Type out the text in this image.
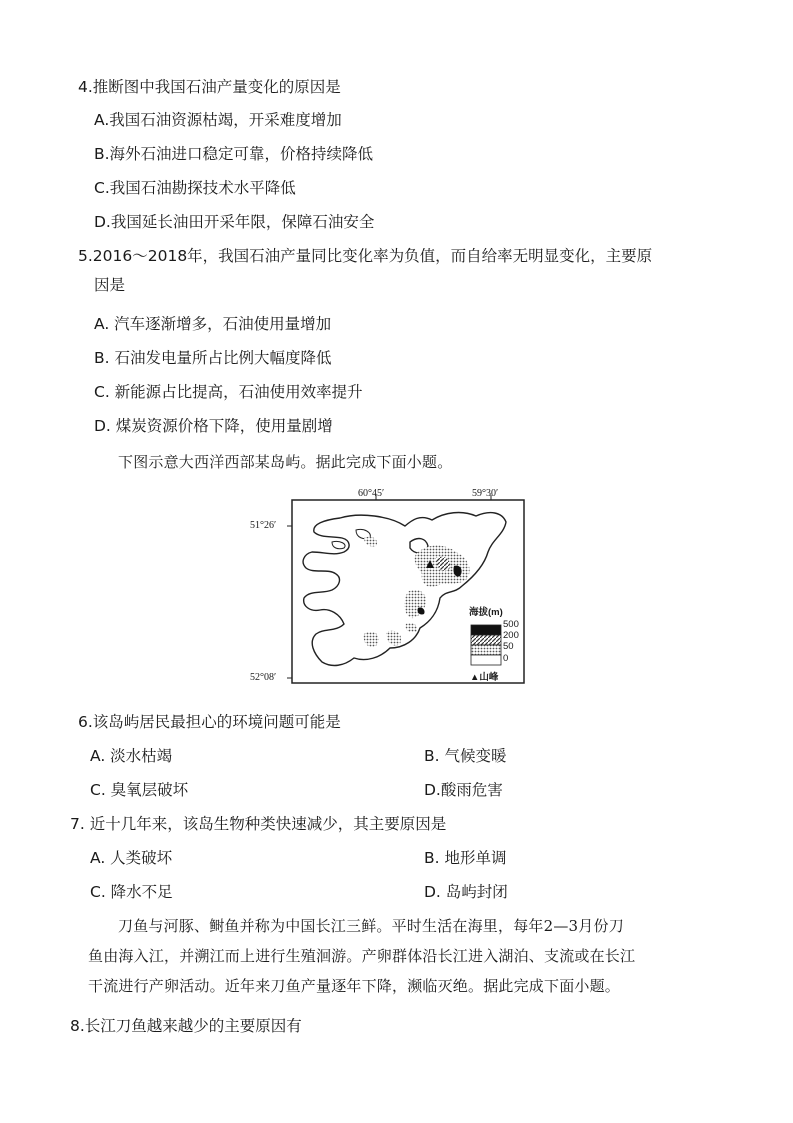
4.推断图中我国石油产量变化的原因是
A.我国石油资源枯竭，开采难度增加
B.海外石油进口稳定可靠，价格持续降低
C.我国石油勘探技术水平降低
D.我国延长油田开采年限，保障石油安全
5.2016～2018年，我国石油产量同比变化率为负值，而自给率无明显变化，主要原
因是
A. 汽车逐渐增多，石油使用量增加
B. 石油发电量所占比例大幅度降低
C. 新能源占比提高，石油使用效率提升
D. 煤炭资源价格下降，使用量剧增
下图示意大西洋西部某岛屿。据此完成下面小题。
60°45′	59°30′
51°26′
52°08′
海拔(m)
500
200
50
0
▲山峰
6.该岛屿居民最担心的环境问题可能是
A. 淡水枯竭	B. 气候变暖
C. 臭氧层破坏	D.酸雨危害
7. 近十几年来，该岛生物种类快速减少，其主要原因是
A. 人类破坏	B. 地形单调
C. 降水不足	D. 岛屿封闭
刀鱼与河豚、鲥鱼并称为中国长江三鲜。平时生活在海里，每年2—3月份刀
鱼由海入江，并溯江而上进行生殖洄游。产卵群体沿长江进入湖泊、支流或在长江
干流进行产卵活动。近年来刀鱼产量逐年下降，濒临灭绝。据此完成下面小题。
8.长江刀鱼越来越少的主要原因有
